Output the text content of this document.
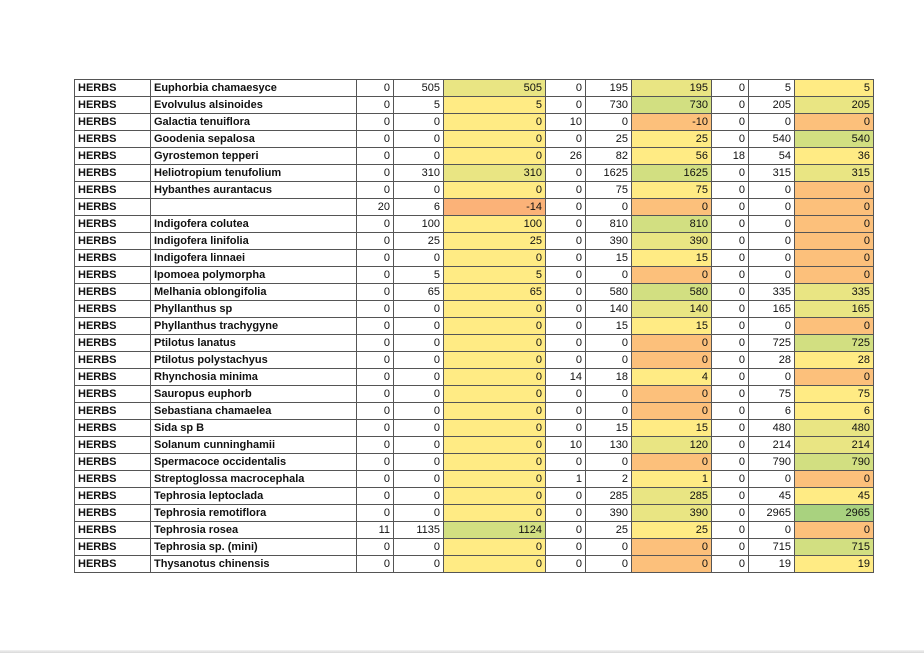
HERBS	Euphorbia chamaesyce	0	505	505	0	195	195	0	5	5
HERBS	Evolvulus alsinoides	0	5	5	0	730	730	0	205	205
HERBS	Galactia tenuiflora	0	0	0	10	0	-10	0	0	0
HERBS	Goodenia sepalosa	0	0	0	0	25	25	0	540	540
HERBS	Gyrostemon tepperi	0	0	0	26	82	56	18	54	36
HERBS	Heliotropium tenufolium	0	310	310	0	1625	1625	0	315	315
HERBS	Hybanthes aurantacus	0	0	0	0	75	75	0	0	0
HERBS		20	6	-14	0	0	0	0	0	0
HERBS	Indigofera colutea	0	100	100	0	810	810	0	0	0
HERBS	Indigofera linifolia	0	25	25	0	390	390	0	0	0
HERBS	Indigofera linnaei	0	0	0	0	15	15	0	0	0
HERBS	Ipomoea polymorpha	0	5	5	0	0	0	0	0	0
HERBS	Melhania oblongifolia	0	65	65	0	580	580	0	335	335
HERBS	Phyllanthus sp	0	0	0	0	140	140	0	165	165
HERBS	Phyllanthus trachygyne	0	0	0	0	15	15	0	0	0
HERBS	Ptilotus lanatus	0	0	0	0	0	0	0	725	725
HERBS	Ptilotus polystachyus	0	0	0	0	0	0	0	28	28
HERBS	Rhynchosia minima	0	0	0	14	18	4	0	0	0
HERBS	Sauropus euphorb	0	0	0	0	0	0	0	75	75
HERBS	Sebastiana chamaelea	0	0	0	0	0	0	0	6	6
HERBS	Sida sp B	0	0	0	0	15	15	0	480	480
HERBS	Solanum cunninghamii	0	0	0	10	130	120	0	214	214
HERBS	Spermacoce occidentalis	0	0	0	0	0	0	0	790	790
HERBS	Streptoglossa macrocephala	0	0	0	1	2	1	0	0	0
HERBS	Tephrosia leptoclada	0	0	0	0	285	285	0	45	45
HERBS	Tephrosia remotiflora	0	0	0	0	390	390	0	2965	2965
HERBS	Tephrosia rosea	11	1135	1124	0	25	25	0	0	0
HERBS	Tephrosia sp. (mini)	0	0	0	0	0	0	0	715	715
HERBS	Thysanotus chinensis	0	0	0	0	0	0	0	19	19
